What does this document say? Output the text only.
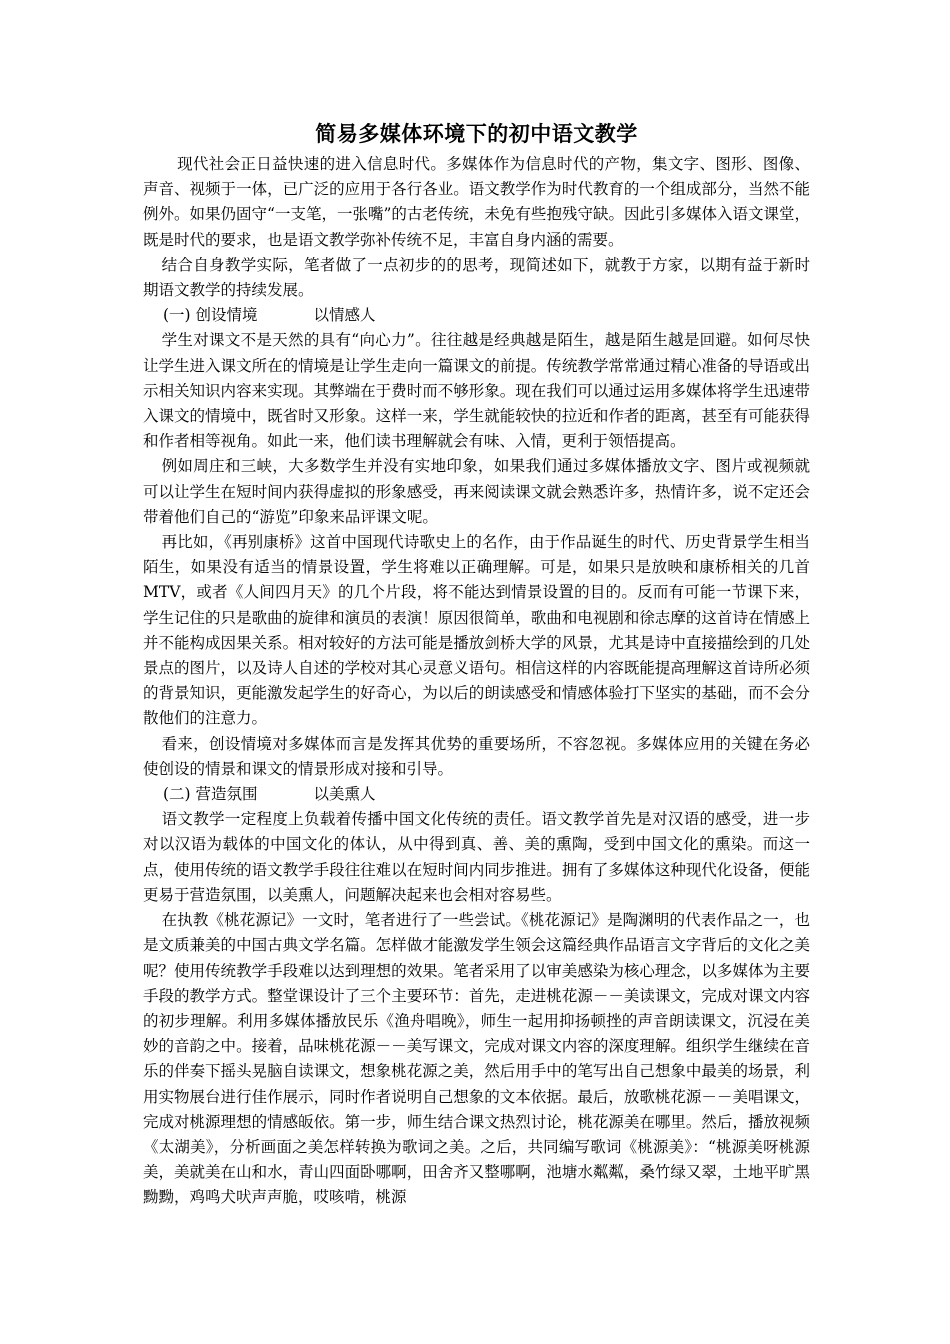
简易多媒体环境下的初中语文教学

现代社会正日益快速的进入信息时代。多媒体作为信息时代的产物，集文字、图形、图像、声音、视频于一体，已广泛的应用于各行各业。语文教学作为时代教育的一个组成部分，当然不能例外。如果仍固守“一支笔，一张嘴”的古老传统，未免有些抱残守缺。因此引多媒体入语文课堂，既是时代的要求，也是语文教学弥补传统不足，丰富自身内涵的需要。

结合自身教学实际，笔者做了一点初步的的思考，现简述如下，就教于方家，以期有益于新时期语文教学的持续发展。

(一) 创设情境	以情感人

学生对课文不是天然的具有“向心力”。往往越是经典越是陌生，越是陌生越是回避。如何尽快让学生进入课文所在的情境是让学生走向一篇课文的前提。传统教学常常通过精心准备的导语或出示相关知识内容来实现。其弊端在于费时而不够形象。现在我们可以通过运用多媒体将学生迅速带入课文的情境中，既省时又形象。这样一来，学生就能较快的拉近和作者的距离，甚至有可能获得和作者相等视角。如此一来，他们读书理解就会有味、入情，更利于领悟提高。

例如周庄和三峡，大多数学生并没有实地印象，如果我们通过多媒体播放文字、图片或视频就可以让学生在短时间内获得虚拟的形象感受，再来阅读课文就会熟悉许多，热情许多，说不定还会带着他们自己的“游览”印象来品评课文呢。

再比如，《再别康桥》这首中国现代诗歌史上的名作，由于作品诞生的时代、历史背景学生相当陌生，如果没有适当的情景设置，学生将难以正确理解。可是，如果只是放映和康桥相关的几首 MTV，或者《人间四月天》的几个片段，将不能达到情景设置的目的。反而有可能一节课下来，学生记住的只是歌曲的旋律和演员的表演！原因很简单，歌曲和电视剧和徐志摩的这首诗在情感上并不能构成因果关系。相对较好的方法可能是播放剑桥大学的风景，尤其是诗中直接描绘到的几处景点的图片，以及诗人自述的学校对其心灵意义语句。相信这样的内容既能提高理解这首诗所必须的背景知识，更能激发起学生的好奇心，为以后的朗读感受和情感体验打下坚实的基础，而不会分散他们的注意力。

看来，创设情境对多媒体而言是发挥其优势的重要场所，不容忽视。多媒体应用的关键在务必使创设的情景和课文的情景形成对接和引导。

(二) 营造氛围	以美熏人

语文教学一定程度上负载着传播中国文化传统的责任。语文教学首先是对汉语的感受，进一步对以汉语为载体的中国文化的体认，从中得到真、善、美的熏陶，受到中国文化的熏染。而这一点，使用传统的语文教学手段往往难以在短时间内同步推进。拥有了多媒体这种现代化设备，便能更易于营造氛围，以美熏人，问题解决起来也会相对容易些。

在执教《桃花源记》一文时，笔者进行了一些尝试。《桃花源记》是陶渊明的代表作品之一，也是文质兼美的中国古典文学名篇。怎样做才能激发学生领会这篇经典作品语言文字背后的文化之美呢？使用传统教学手段难以达到理想的效果。笔者采用了以审美感染为核心理念，以多媒体为主要手段的教学方式。整堂课设计了三个主要环节：首先，走进桃花源－－美读课文，完成对课文内容的初步理解。利用多媒体播放民乐《渔舟唱晚》，师生一起用抑扬顿挫的声音朗读课文，沉浸在美妙的音韵之中。接着，品味桃花源－－美写课文，完成对课文内容的深度理解。组织学生继续在音乐的伴奏下摇头晃脑自读课文，想象桃花源之美，然后用手中的笔写出自己想象中最美的场景，利用实物展台进行佳作展示，同时作者说明自己想象的文本依据。最后，放歌桃花源－－美唱课文，完成对桃源理想的情感皈依。第一步，师生结合课文热烈讨论，桃花源美在哪里。然后，播放视频《太湖美》，分析画面之美怎样转换为歌词之美。之后，共同编写歌词《桃源美》：“桃源美呀桃源美，美就美在山和水，青山四面卧哪啊，田舍齐又整哪啊，池塘水粼粼，桑竹绿又翠，土地平旷黑黝黝，鸡鸣犬吠声声脆，哎咳啃，桃源
